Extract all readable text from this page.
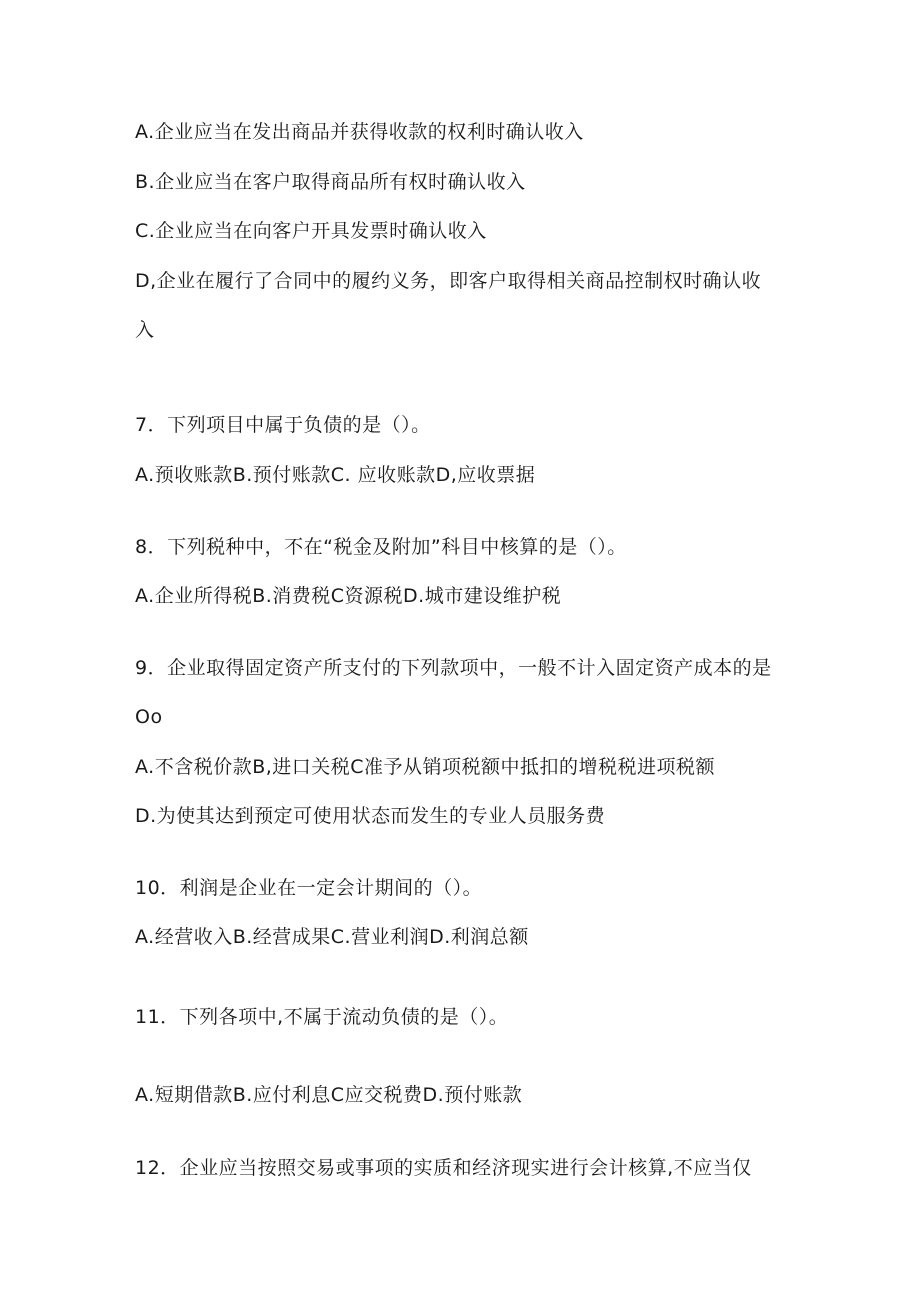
A.企业应当在发出商品并获得收款的权利时确认收入
B.企业应当在客户取得商品所有权时确认收入
C.企业应当在向客户开具发票时确认收入
D,企业在履行了合同中的履约义务，即客户取得相关商品控制权时确认收
入
7．下列项目中属于负债的是（）。
A.预收账款B.预付账款C. 应收账款D,应收票据
8．下列税种中，不在“税金及附加”科目中核算的是（）。
A.企业所得税B.消费税C资源税D.城市建设维护税
9．企业取得固定资产所支付的下列款项中，一般不计入固定资产成本的是
Oo
A.不含税价款B,进口关税C准予从销项税额中抵扣的增税税进项税额
D.为使其达到预定可使用状态而发生的专业人员服务费
10．利润是企业在一定会计期间的（）。
A.经营收入B.经营成果C.营业利润D.利润总额
11．下列各项中,不属于流动负债的是（）。
A.短期借款B.应付利息C应交税费D.预付账款
12．企业应当按照交易或事项的实质和经济现实进行会计核算,不应当仅
